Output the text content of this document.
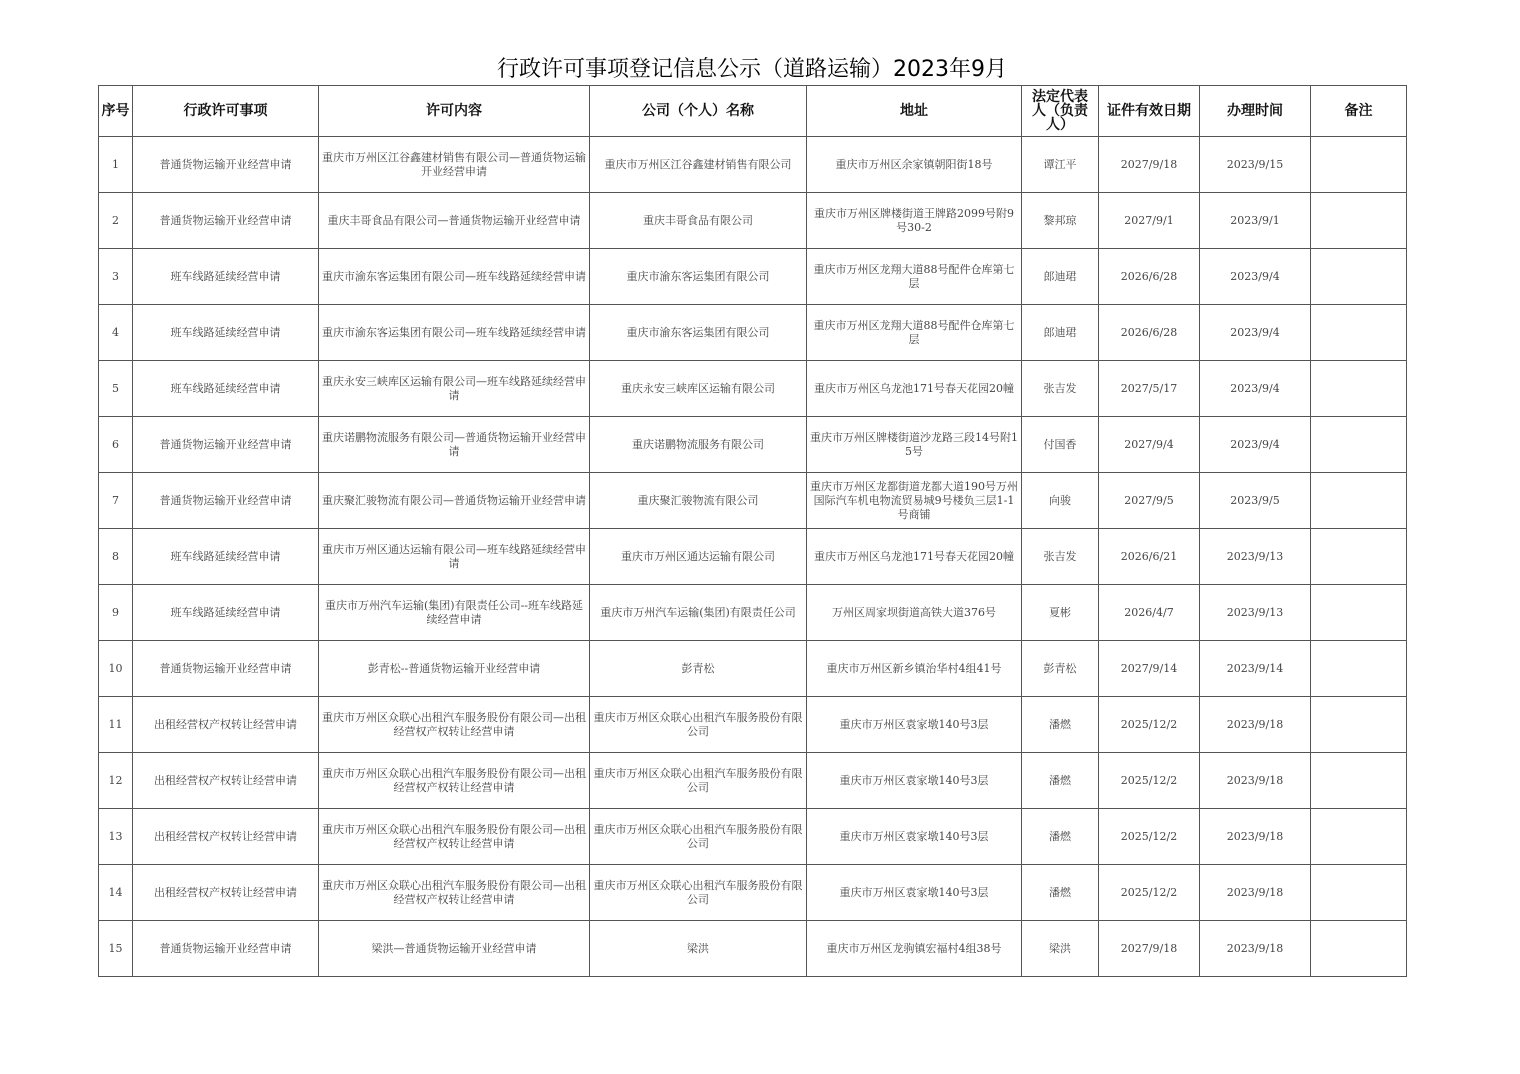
行政许可事项登记信息公示（道路运输）2023年9月
序号	行政许可事项	许可内容	公司（个人）名称	地址	法定代表人（负责人）	证件有效日期	办理时间	备注
1	普通货物运输开业经营申请	重庆市万州区江谷鑫建材销售有限公司—普通货物运输开业经营申请	重庆市万州区江谷鑫建材销售有限公司	重庆市万州区余家镇朝阳街18号	谭江平	2027/9/18	2023/9/15	
2	普通货物运输开业经营申请	重庆丰哥食品有限公司—普通货物运输开业经营申请	重庆丰哥食品有限公司	重庆市万州区牌楼街道王牌路2099号附9号30-2	黎邦琼	2027/9/1	2023/9/1	
3	班车线路延续经营申请	重庆市渝东客运集团有限公司—班车线路延续经营申请	重庆市渝东客运集团有限公司	重庆市万州区龙翔大道88号配件仓库第七层	郎迪珺	2026/6/28	2023/9/4	
4	班车线路延续经营申请	重庆市渝东客运集团有限公司—班车线路延续经营申请	重庆市渝东客运集团有限公司	重庆市万州区龙翔大道88号配件仓库第七层	郎迪珺	2026/6/28	2023/9/4	
5	班车线路延续经营申请	重庆永安三峡库区运输有限公司—班车线路延续经营申请	重庆永安三峡库区运输有限公司	重庆市万州区乌龙池171号春天花园20幢	张吉发	2027/5/17	2023/9/4	
6	普通货物运输开业经营申请	重庆诺鹏物流服务有限公司—普通货物运输开业经营申请	重庆诺鹏物流服务有限公司	重庆市万州区牌楼街道沙龙路三段14号附15号	付国香	2027/9/4	2023/9/4	
7	普通货物运输开业经营申请	重庆聚汇骏物流有限公司—普通货物运输开业经营申请	重庆聚汇骏物流有限公司	重庆市万州区龙都街道龙都大道190号万州国际汽车机电物流贸易城9号楼负三层1-1号商铺	向骏	2027/9/5	2023/9/5	
8	班车线路延续经营申请	重庆市万州区通达运输有限公司—班车线路延续经营申请	重庆市万州区通达运输有限公司	重庆市万州区乌龙池171号春天花园20幢	张吉发	2026/6/21	2023/9/13	
9	班车线路延续经营申请	重庆市万州汽车运输(集团)有限责任公司--班车线路延续经营申请	重庆市万州汽车运输(集团)有限责任公司	万州区周家坝街道高铁大道376号	夏彬	2026/4/7	2023/9/13	
10	普通货物运输开业经营申请	彭青松--普通货物运输开业经营申请	彭青松	重庆市万州区新乡镇治华村4组41号	彭青松	2027/9/14	2023/9/14	
11	出租经营权产权转让经营申请	重庆市万州区众联心出租汽车服务股份有限公司—出租经营权产权转让经营申请	重庆市万州区众联心出租汽车服务股份有限公司	重庆市万州区袁家墩140号3层	潘燃	2025/12/2	2023/9/18	
12	出租经营权产权转让经营申请	重庆市万州区众联心出租汽车服务股份有限公司—出租经营权产权转让经营申请	重庆市万州区众联心出租汽车服务股份有限公司	重庆市万州区袁家墩140号3层	潘燃	2025/12/2	2023/9/18	
13	出租经营权产权转让经营申请	重庆市万州区众联心出租汽车服务股份有限公司—出租经营权产权转让经营申请	重庆市万州区众联心出租汽车服务股份有限公司	重庆市万州区袁家墩140号3层	潘燃	2025/12/2	2023/9/18	
14	出租经营权产权转让经营申请	重庆市万州区众联心出租汽车服务股份有限公司—出租经营权产权转让经营申请	重庆市万州区众联心出租汽车服务股份有限公司	重庆市万州区袁家墩140号3层	潘燃	2025/12/2	2023/9/18	
15	普通货物运输开业经营申请	梁洪—普通货物运输开业经营申请	梁洪	重庆市万州区龙驹镇宏福村4组38号	梁洪	2027/9/18	2023/9/18	
